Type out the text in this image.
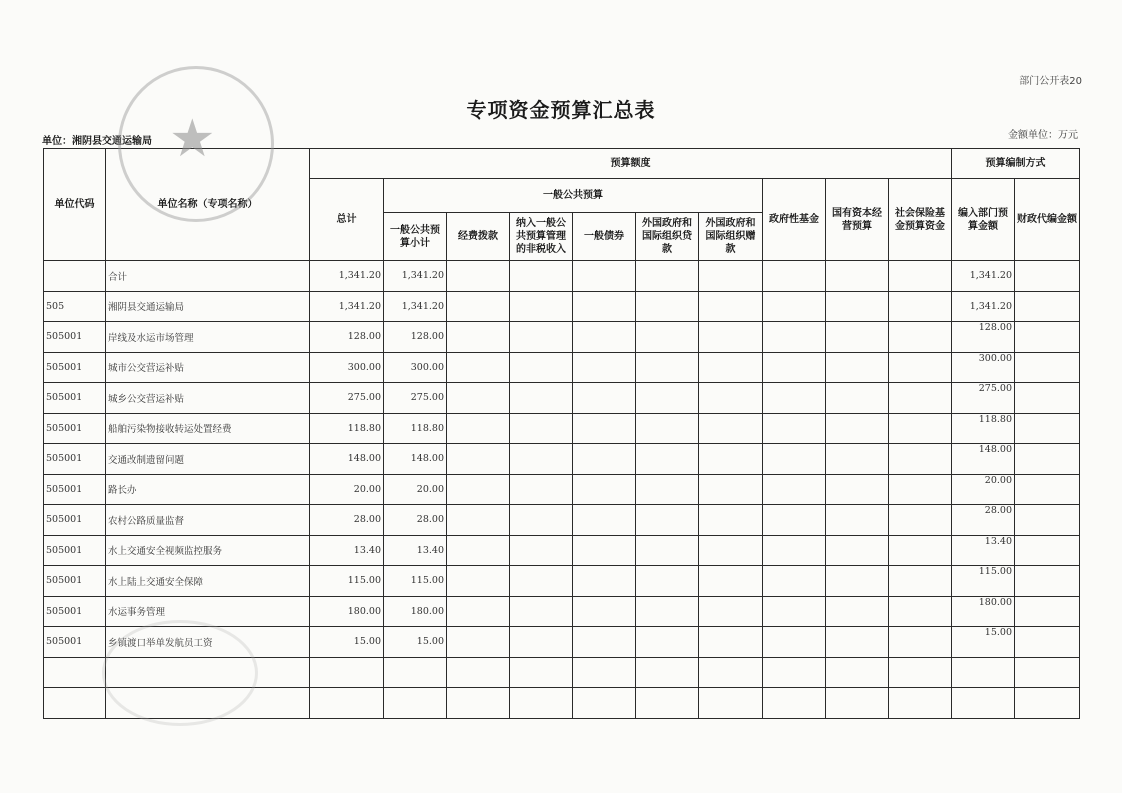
部门公开表20
专项资金预算汇总表
单位：湘阴县交通运输局
金额单位：万元
单位代码	单位名称（专项名称）	预算额度										预算编制方式	
		总计	一般公共预算						政府性基金	国有资本经营预算	社会保险基金预算资金	编入部门预算金额	财政代编金额
			一般公共预算小计	经费拨款	纳入一般公共预算管理的非税收入	一般债券	外国政府和国际组织贷款	外国政府和国际组织赠款					
	合计	1,341.20	1,341.20									1,341.20	
505	湘阴县交通运输局	1,341.20	1,341.20									1,341.20	
505001	岸线及水运市场管理	128.00	128.00									128.00	
505001	城市公交营运补贴	300.00	300.00									300.00	
505001	城乡公交营运补贴	275.00	275.00									275.00	
505001	船舶污染物接收转运处置经费	118.80	118.80									118.80	
505001	交通改制遗留问题	148.00	148.00									148.00	
505001	路长办	20.00	20.00									20.00	
505001	农村公路质量监督	28.00	28.00									28.00	
505001	水上交通安全视频监控服务	13.40	13.40									13.40	
505001	水上陆上交通安全保障	115.00	115.00									115.00	
505001	水运事务管理	180.00	180.00									180.00	
505001	乡镇渡口举单发航员工资	15.00	15.00									15.00	

★
